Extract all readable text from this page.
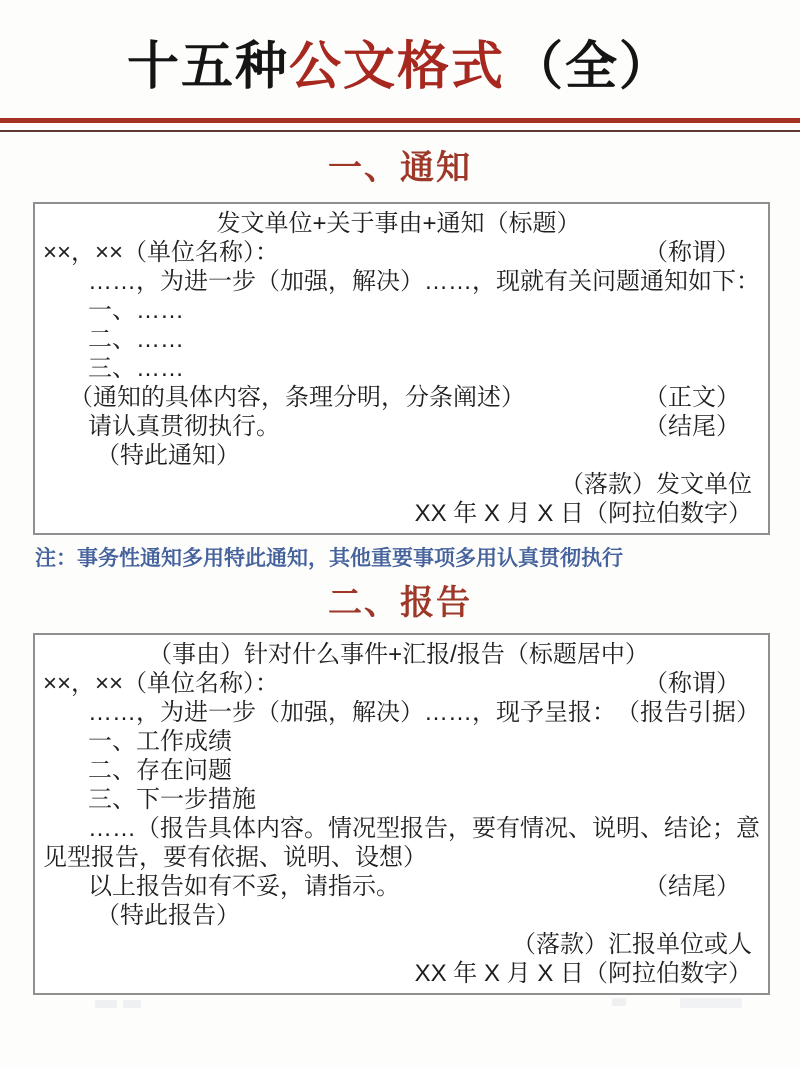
十五种公文格式 （全）
一、通知
发文单位+关于事由+通知（标题）
××，××（单位名称）：	（称谓）
……，为进一步（加强，解决）……，现就有关问题通知如下：
一、……
二、……
三、……
（通知的具体内容，条理分明，分条阐述）	（正文）
请认真贯彻执行。	（结尾）
（特此通知）
（落款）发文单位
XX 年 X 月 X 日（阿拉伯数字）
注：事务性通知多用特此通知，其他重要事项多用认真贯彻执行
二、报告
（事由）针对什么事件+汇报/报告（标题居中）
××，××（单位名称）：	（称谓）
……，为进一步（加强，解决）……，现予呈报： （报告引据）
一、工作成绩
二、存在问题
三、下一步措施
……（报告具体内容。情况型报告，要有情况、说明、结论；意
见型报告，要有依据、说明、设想）
以上报告如有不妥，请指示。	（结尾）
（特此报告）
（落款）汇报单位或人
XX 年 X 月 X 日（阿拉伯数字）
